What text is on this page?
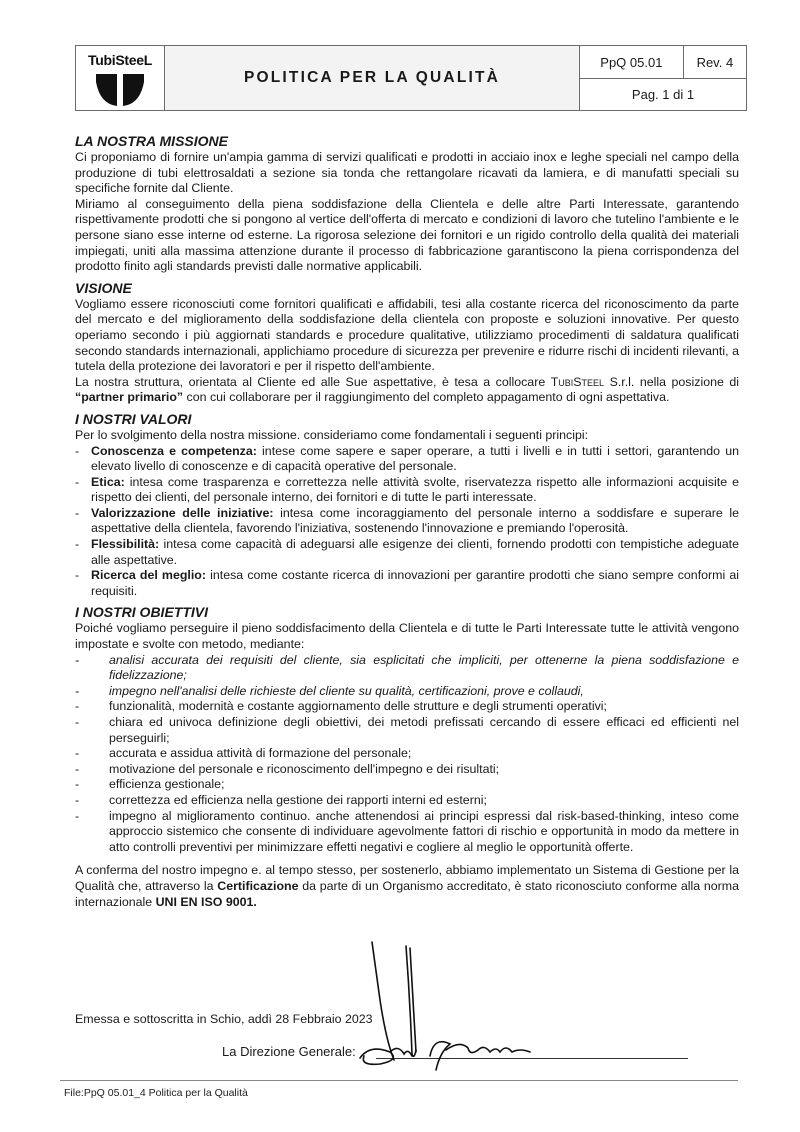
TubiSteeL
POLITICA PER LA QUALITÀ
PpQ 05.01	Rev. 4
Pag. 1 di 1
LA NOSTRA MISSIONE

Ci proponiamo di fornire un'ampia gamma di servizi qualificati e prodotti in acciaio inox e leghe speciali nel campo della produzione di tubi elettrosaldati a sezione sia tonda che rettangolare ricavati da lamiera, e di manufatti speciali su specifiche fornite dal Cliente.

Miriamo al conseguimento della piena soddisfazione della Clientela e delle altre Parti Interessate, garantendo rispettivamente prodotti che si pongono al vertice dell'offerta di mercato e condizioni di lavoro che tutelino l'ambiente e le persone siano esse interne od esterne. La rigorosa selezione dei fornitori e un rigido controllo della qualità dei materiali impiegati, uniti alla massima attenzione durante il processo di fabbricazione garantiscono la piena corrispondenza del prodotto finito agli standards previsti dalle normative applicabili.

VISIONE

Vogliamo essere riconosciuti come fornitori qualificati e affidabili, tesi alla costante ricerca del riconoscimento da parte del mercato e del miglioramento della soddisfazione della clientela con proposte e soluzioni innovative. Per questo operiamo secondo i più aggiornati standards e procedure qualitative, utilizziamo procedimenti di saldatura qualificati secondo standards internazionali, applichiamo procedure di sicurezza per prevenire e ridurre rischi di incidenti rilevanti, a tutela della protezione dei lavoratori e per il rispetto dell'ambiente.

La nostra struttura, orientata al Cliente ed alle Sue aspettative, è tesa a collocare TubiSteel S.r.l. nella posizione di “partner primario” con cui collaborare per il raggiungimento del completo appagamento di ogni aspettativa.

I NOSTRI VALORI

Per lo svolgimento della nostra missione. consideriamo come fondamentali i seguenti principi:

- Conoscenza e competenza: intese come sapere e saper operare, a tutti i livelli e in tutti i settori, garantendo un elevato livello di conoscenze e di capacità operative del personale.
- Etica: intesa come trasparenza e correttezza nelle attività svolte, riservatezza rispetto alle informazioni acquisite e rispetto dei clienti, del personale interno, dei fornitori e di tutte le parti interessate.
- Valorizzazione delle iniziative: intesa come incoraggiamento del personale interno a soddisfare e superare le aspettative della clientela, favorendo l'iniziativa, sostenendo l'innovazione e premiando l'operosità.
- Flessibilità: intesa come capacità di adeguarsi alle esigenze dei clienti, fornendo prodotti con tempistiche adeguate alle aspettative.
- Ricerca del meglio: intesa come costante ricerca di innovazioni per garantire prodotti che siano sempre conformi ai requisiti.
I NOSTRI OBIETTIVI

Poiché vogliamo perseguire il pieno soddisfacimento della Clientela e di tutte le Parti Interessate tutte le attività vengono impostate e svolte con metodo, mediante:

- analisi accurata dei requisiti del cliente, sia esplicitati che impliciti, per ottenerne la piena soddisfazione e fidelizzazione;
- impegno nell'analisi delle richieste del cliente su qualità, certificazioni, prove e collaudi,
- funzionalità, modernità e costante aggiornamento delle strutture e degli strumenti operativi;
- chiara ed univoca definizione degli obiettivi, dei metodi prefissati cercando di essere efficaci ed efficienti nel perseguirli;
- accurata e assidua attività di formazione del personale;
- motivazione del personale e riconoscimento dell'impegno e dei risultati;
- efficienza gestionale;
- correttezza ed efficienza nella gestione dei rapporti interni ed esterni;
- impegno al miglioramento continuo. anche attenendosi ai principi espressi dal risk-based-thinking, inteso come approccio sistemico che consente di individuare agevolmente fattori di rischio e opportunità in modo da mettere in atto controlli preventivi per minimizzare effetti negativi e cogliere al meglio le opportunità offerte.

A conferma del nostro impegno e. al tempo stesso, per sostenerlo, abbiamo implementato un Sistema di Gestione per la Qualità che, attraverso la Certificazione da parte di un Organismo accreditato, è stato riconosciuto conforme alla norma internazionale UNI EN ISO 9001.

Emessa e sottoscritta in Schio, addì 28 Febbraio 2023
La Direzione Generale:
File:PpQ 05.01_4 Politica per la Qualità
